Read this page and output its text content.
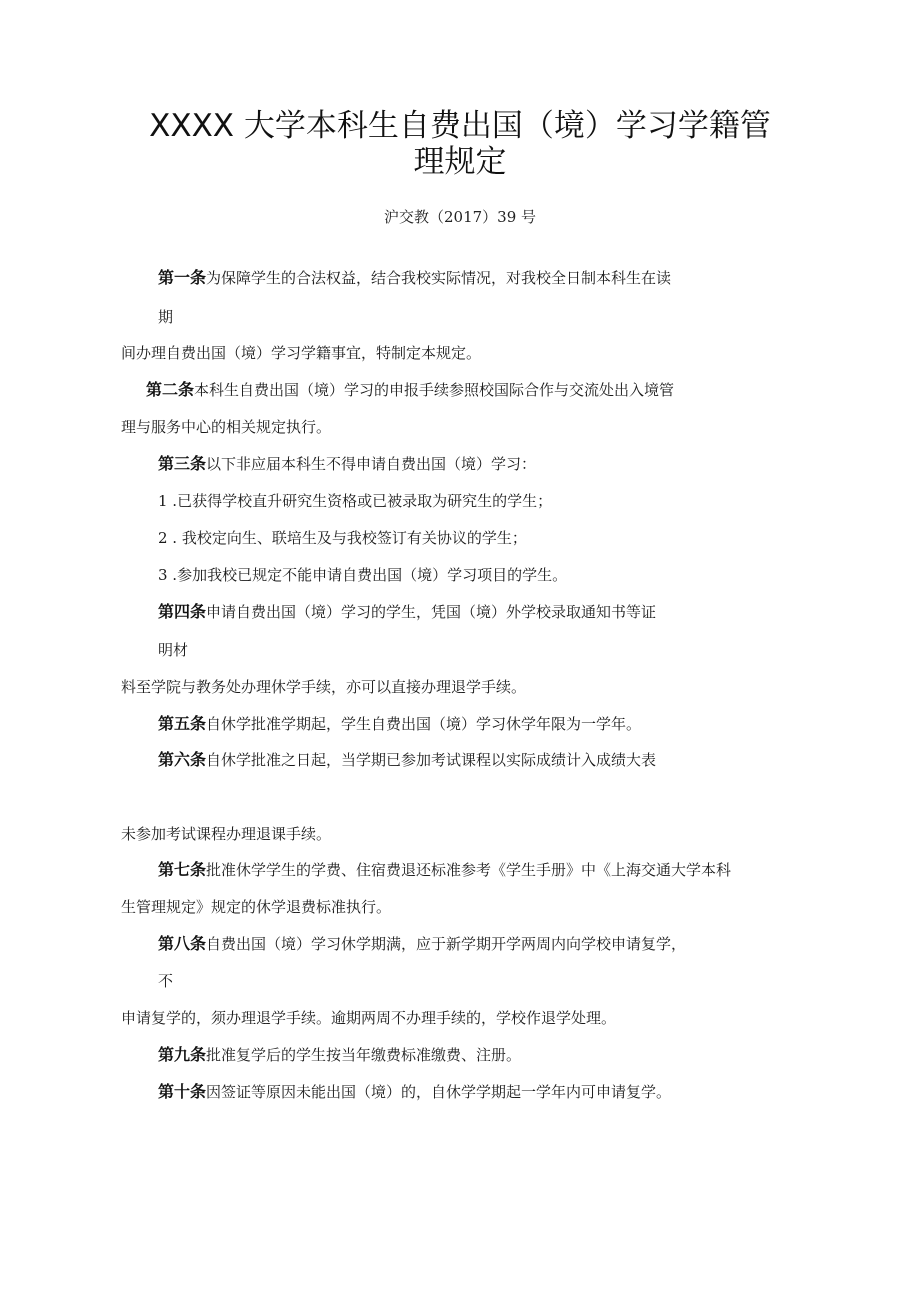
XXXX 大学本科生自费出国（境）学习学籍管
理规定
沪交教（2017）39 号
第一条为保障学生的合法权益，结合我校实际情况，对我校全日制本科生在读
期
间办理自费出国（境）学习学籍事宜，特制定本规定。
第二条本科生自费出国（境）学习的申报手续参照校国际合作与交流处出入境管
理与服务中心的相关规定执行。
第三条以下非应届本科生不得申请自费出国（境）学习：
1 .已获得学校直升研究生资格或已被录取为研究生的学生；
2 . 我校定向生、联培生及与我校签订有关协议的学生；
3 .参加我校已规定不能申请自费出国（境）学习项目的学生。
第四条申请自费出国（境）学习的学生，凭国（境）外学校录取通知书等证
明材
料至学院与教务处办理休学手续，亦可以直接办理退学手续。
第五条自休学批准学期起，学生自费出国（境）学习休学年限为一学年。
第六条自休学批准之日起，当学期已参加考试课程以实际成绩计入成绩大表
未参加考试课程办理退课手续。
第七条批准休学学生的学费、住宿费退还标准参考《学生手册》中《上海交通大学本科
生管理规定》规定的休学退费标准执行。
第八条自费出国（境）学习休学期满，应于新学期开学两周内向学校申请复学，
不
申请复学的，须办理退学手续。逾期两周不办理手续的，学校作退学处理。
第九条批准复学后的学生按当年缴费标准缴费、注册。
第十条因签证等原因未能出国（境）的，自休学学期起一学年内可申请复学。
